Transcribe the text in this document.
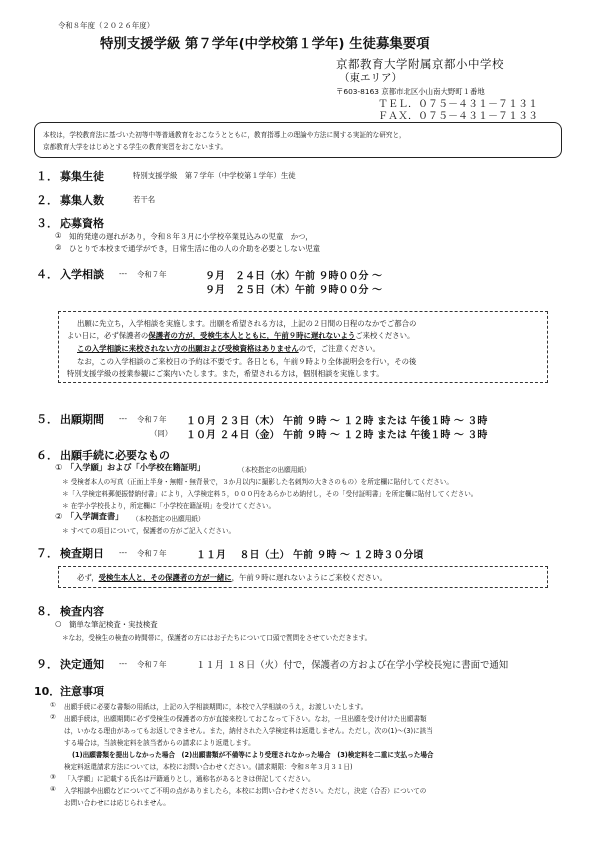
令和８年度（２０２６年度）
特別支援学級 第７学年(中学校第１学年) 生徒募集要項
京都教育大学附属京都小中学校
（東エリア）
〒603-8163 京都市北区小山南大野町１番地
ＴＥＬ．０７５－４３１－７１３１
ＦＡＸ．０７５－４３１－７１３３
本校は，学校教育法に基づいた初等中等普通教育をおこなうとともに，教育指導上の理論や方法に関する実証的な研究と，
京都教育大学をはじめとする学生の教育実習をおこないます。
１． 募集生徒	特別支援学級　第７学年（中学校第１学年）生徒
２． 募集人数	若干名
３． 応募資格
① 知的発達の遅れがあり，令和８年３月に小学校卒業見込みの児童　かつ，
② ひとりで本校まで通学ができ，日常生活に他の人の介助を必要としない児童
４． 入学相談 --- 令和７年	９月　２４日（水）午前 ９時００分 ～
９月　２５日（木）午前 ９時００分 ～
出願に先立ち，入学相談を実施します。出願を希望される方は，上記の２日間の日程のなかでご都合の
よい日に，必ず保護者の保護者の方が，受検生本人とともに，午前９時に遅れないようご来校ください。
この入学相談に来校されない方の出願および受検資格はありませんので，ご注意ください。
なお，この入学相談のご来校日の予約は不要です。各日とも，午前９時より全体説明会を行い，その後
特別支援学級の授業参観にご案内いたします。また，希望される方は，個別相談を実施します。
５． 出願期間 --- 令和７年 １０月 ２３日（木） 午前 ９時 ～ １２時 または 午後１時 ～ ３時
（同） １０月 ２４日（金） 午前 ９時 ～ １２時 または 午後１時 ～ ３時
６． 出願手続に必要なもの
① 「入学願」および「小学校在籍証明」	（本校指定の出願用紙）
＊ 受検者本人の写真（正面上半身・無帽・無背景で，３か月以内に撮影した名刺判の大きさのもの）を所定欄に貼付してください。
＊「入学検定料郵便振替納付書」により，入学検定料５，０００円をあらかじめ納付し，その「受付証明書」を所定欄に貼付してください。
＊ 在学小学校長より，所定欄に「小学校在籍証明」を受けてください。
② 「入学調査書」 （本校指定の出願用紙）
＊ すべての項目について，保護者の方がご記入ください。
７． 検査期日 --- 令和７年	１１月　 ８日（土） 午前 ９時 ～ １２時３０分頃
必ず，受検生本人と，その保護者の方が一緒に，午前９時に遅れないようにご来校ください。
８． 検査内容
○ 簡単な筆記検査・実技検査
＊なお，受検生の検査の時間帯に，保護者の方にはお子たちについて口頭で質問をさせていただきます。
９． 決定通知 --- 令和７年	１１月 １８日（火）付で，保護者の方および在学小学校長宛に書面で通知
10． 注意事項
① 出願手続に必要な書類の用紙は，上記の入学相談期間に，本校で入学相談のうえ，お渡しいたします。
② 出願手続は，出願期間に必ず受検生の保護者の方が直接来校しておこなって下さい。なお，一旦出願を受け付けた出願書類
は，いかなる理由があってもお返しできません。また，納付された入学検定料は返還しません。ただし，次の(1)～(3)に該当
する場合は，当該検定料を該当者からの請求により返還します。
(1)出願書類を提出しなかった場合　(2)出願書類が不備等により受理されなかった場合　(3)検定料を二重に支払った場合
検定料返還請求方法については，本校にお問い合わせください。(請求期限：令和８年３月３１日)
③ 「入学願」に記載する氏名は戸籍通りとし，通称名があるときは併記してください。
④ 入学相談や出願などについてご不明の点がありましたら，本校にお問い合わせください。ただし，決定（合否）についての
お問い合わせには応じられません。
